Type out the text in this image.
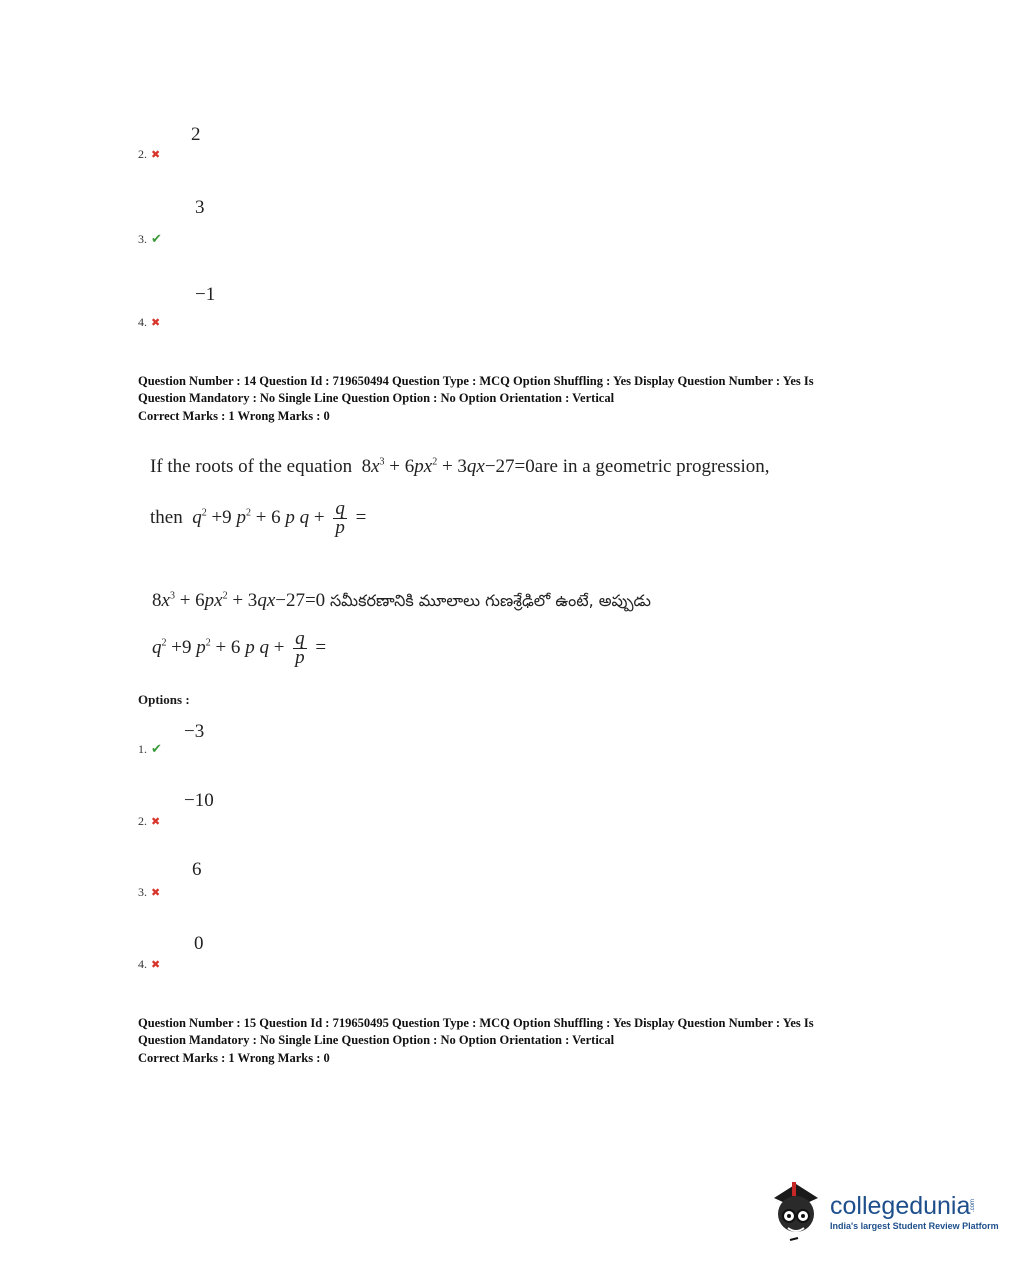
2
2. ✖
3
3. ✔
−1
4. ✖
Question Number : 14 Question Id : 719650494 Question Type : MCQ Option Shuffling : Yes Display Question Number : Yes Is
Question Mandatory : No Single Line Question Option : No Option Orientation : Vertical
Correct Marks : 1 Wrong Marks : 0
If the roots of the equation  $8x^3 + 6px^2 + 3qx-27=0are$ in a geometric progression,
then $q^2 +9$ $p^2 + 6$ p $q + \frac{q}{p}$ =
$8x^3 + 6px^2 + 3qx-27=0$ సమీకరణానికి మూలాలు గుణశ్రేఢిలో ఉంటే, అప్పుడు
$q^2 +9$ $p^2 + 6$ p $q + \frac{q}{p}$ =
Options :
−3
1. ✔
−10
2. ✖
6
3. ✖
0
4. ✖
Question Number : 15 Question Id : 719650495 Question Type : MCQ Option Shuffling : Yes Display Question Number : Yes Is
Question Mandatory : No Single Line Question Option : No Option Orientation : Vertical
Correct Marks : 1 Wrong Marks : 0
collegedunia .com
India's largest Student Review Platform
